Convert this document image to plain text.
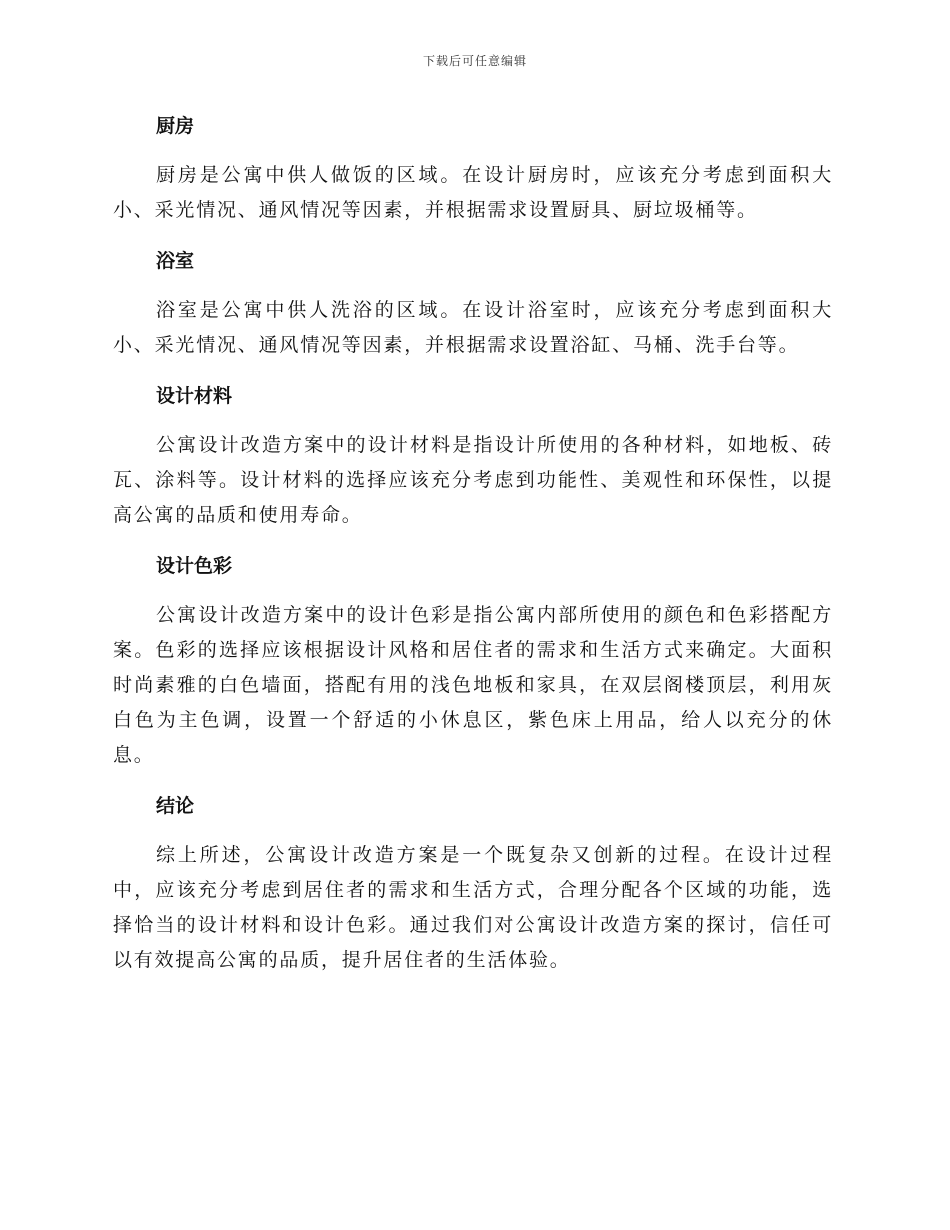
下载后可任意编辑
厨房

厨房是公寓中供人做饭的区域。在设计厨房时，应该充分考虑到面积大小、采光情况、通风情况等因素，并根据需求设置厨具、厨垃圾桶等。

浴室

浴室是公寓中供人洗浴的区域。在设计浴室时，应该充分考虑到面积大小、采光情况、通风情况等因素，并根据需求设置浴缸、马桶、洗手台等。

设计材料

公寓设计改造方案中的设计材料是指设计所使用的各种材料，如地板、砖瓦、涂料等。设计材料的选择应该充分考虑到功能性、美观性和环保性，以提高公寓的品质和使用寿命。

设计色彩

公寓设计改造方案中的设计色彩是指公寓内部所使用的颜色和色彩搭配方案。色彩的选择应该根据设计风格和居住者的需求和生活方式来确定。大面积时尚素雅的白色墙面，搭配有用的浅色地板和家具，在双层阁楼顶层，利用灰白色为主色调，设置一个舒适的小休息区，紫色床上用品，给人以充分的休息。

结论

综上所述，公寓设计改造方案是一个既复杂又创新的过程。在设计过程中，应该充分考虑到居住者的需求和生活方式，合理分配各个区域的功能，选择恰当的设计材料和设计色彩。通过我们对公寓设计改造方案的探讨，信任可以有效提高公寓的品质，提升居住者的生活体验。
